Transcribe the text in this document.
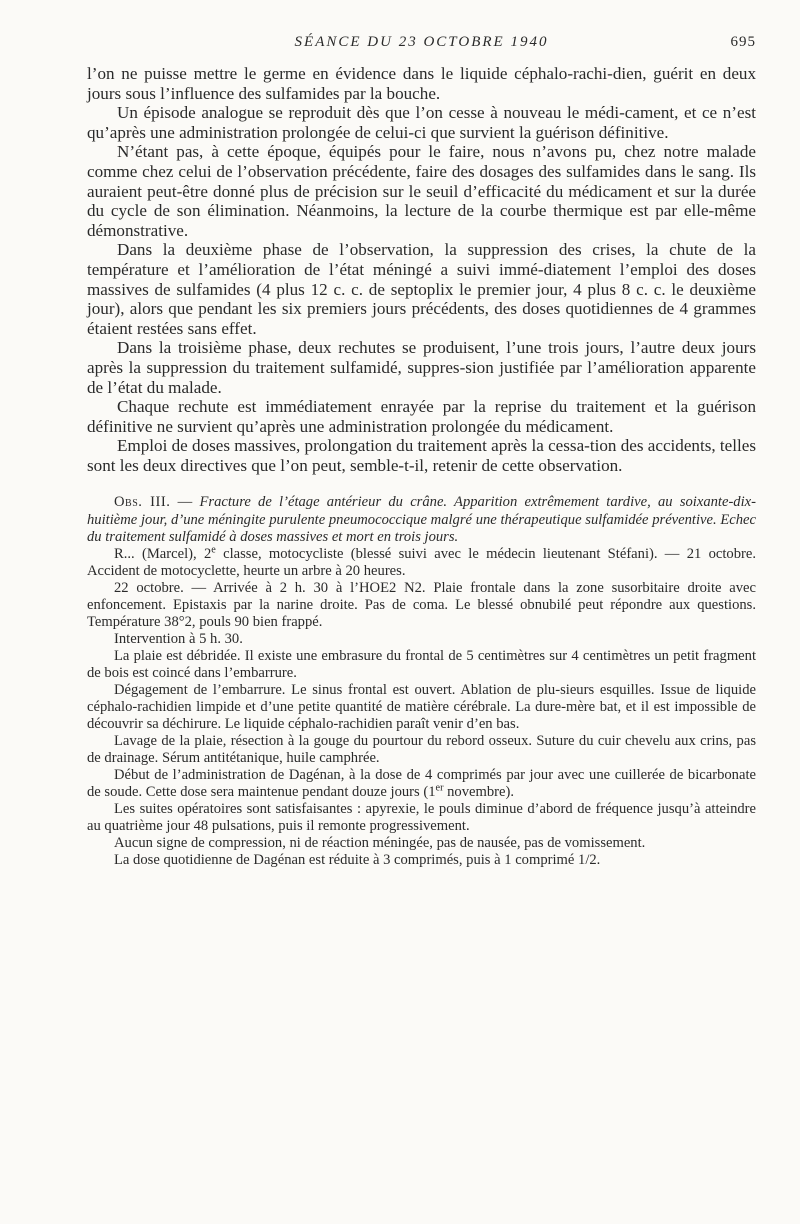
SÉANCE DU 23 OCTOBRE 1940	695

l’on ne puisse mettre le germe en évidence dans le liquide céphalo-rachi-dien, guérit en deux jours sous l’influence des sulfamides par la bouche.

Un épisode analogue se reproduit dès que l’on cesse à nouveau le médi-cament, et ce n’est qu’après une administration prolongée de celui-ci que survient la guérison définitive.

N’étant pas, à cette époque, équipés pour le faire, nous n’avons pu, chez notre malade comme chez celui de l’observation précédente, faire des dosages des sulfamides dans le sang. Ils auraient peut-être donné plus de précision sur le seuil d’efficacité du médicament et sur la durée du cycle de son élimination. Néanmoins, la lecture de la courbe thermique est par elle-même démonstrative.

Dans la deuxième phase de l’observation, la suppression des crises, la chute de la température et l’amélioration de l’état méningé a suivi immé-diatement l’emploi des doses massives de sulfamides (4 plus 12 c. c. de septoplix le premier jour, 4 plus 8 c. c. le deuxième jour), alors que pendant les six premiers jours précédents, des doses quotidiennes de 4 grammes étaient restées sans effet.

Dans la troisième phase, deux rechutes se produisent, l’une trois jours, l’autre deux jours après la suppression du traitement sulfamidé, suppres-sion justifiée par l’amélioration apparente de l’état du malade.

Chaque rechute est immédiatement enrayée par la reprise du traitement et la guérison définitive ne survient qu’après une administration prolongée du médicament.

Emploi de doses massives, prolongation du traitement après la cessa-tion des accidents, telles sont les deux directives que l’on peut, semble-t-il, retenir de cette observation.

Obs. III. — Fracture de l’étage antérieur du crâne. Apparition extrêmement tardive, au soixante-dix-huitième jour, d’une méningite purulente pneumococcique malgré une thérapeutique sulfamidée préventive. Echec du traitement sulfamidé à doses massives et mort en trois jours.

R... (Marcel), 2e classe, motocycliste (blessé suivi avec le médecin lieutenant Stéfani). — 21 octobre. Accident de motocyclette, heurte un arbre à 20 heures.

22 octobre. — Arrivée à 2 h. 30 à l’HOE2 N2. Plaie frontale dans la zone susorbitaire droite avec enfoncement. Epistaxis par la narine droite. Pas de coma. Le blessé obnubilé peut répondre aux questions. Température 38°2, pouls 90 bien frappé.

Intervention à 5 h. 30.

La plaie est débridée. Il existe une embrasure du frontal de 5 centimètres sur 4 centimètres un petit fragment de bois est coincé dans l’embarrure.

Dégagement de l’embarrure. Le sinus frontal est ouvert. Ablation de plu-sieurs esquilles. Issue de liquide céphalo-rachidien limpide et d’une petite quantité de matière cérébrale. La dure-mère bat, et il est impossible de découvrir sa déchirure. Le liquide céphalo-rachidien paraît venir d’en bas.

Lavage de la plaie, résection à la gouge du pourtour du rebord osseux. Suture du cuir chevelu aux crins, pas de drainage. Sérum antitétanique, huile camphrée.

Début de l’administration de Dagénan, à la dose de 4 comprimés par jour avec une cuillerée de bicarbonate de soude. Cette dose sera maintenue pendant douze jours (1er novembre).

Les suites opératoires sont satisfaisantes : apyrexie, le pouls diminue d’abord de fréquence jusqu’à atteindre au quatrième jour 48 pulsations, puis il remonte progressivement.

Aucun signe de compression, ni de réaction méningée, pas de nausée, pas de vomissement.

La dose quotidienne de Dagénan est réduite à 3 comprimés, puis à 1 comprimé 1/2.
